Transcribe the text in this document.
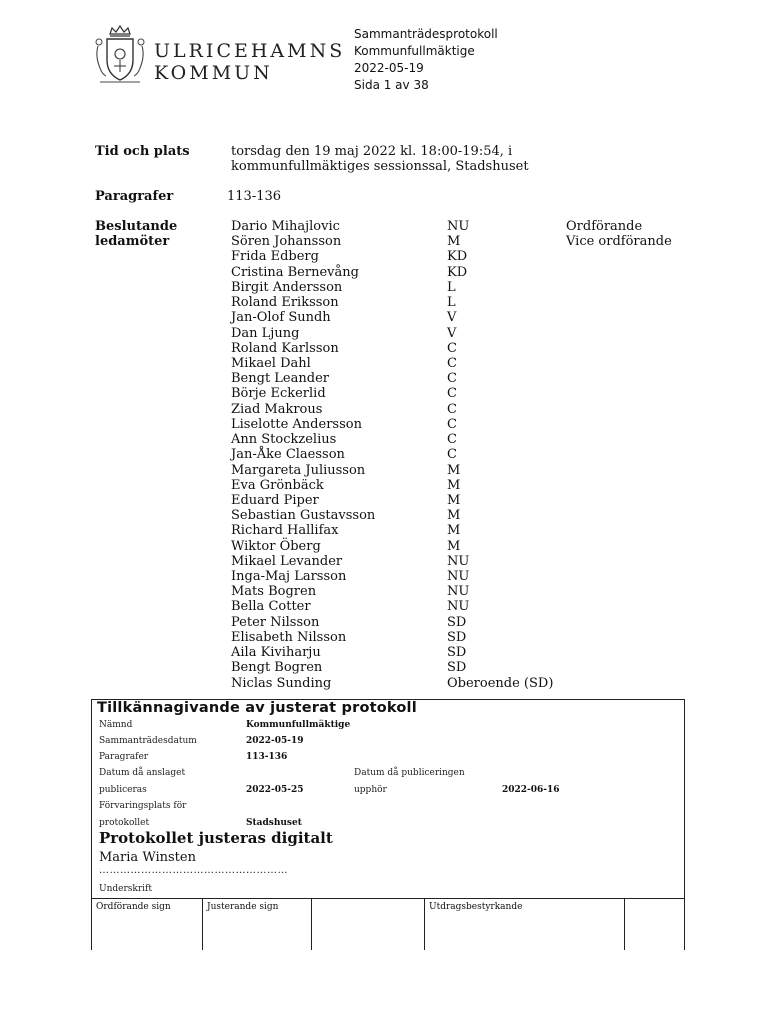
ULRICEHAMNS
KOMMUN
Sammanträdesprotokoll
Kommunfullmäktige
2022-05-19
Sida 1 av 38
Tid och plats	torsdag den 19 maj 2022 kl. 18:00-19:54, i kommunfullmäktiges sessionssal, Stadshuset
Paragrafer	113-136
Beslutande
ledamöter
Dario Mihajlovic	NU	Ordförande
Sören Johansson	M	Vice ordförande
Frida Edberg	KD
Cristina Bernevång	KD
Birgit Andersson	L
Roland Eriksson	L
Jan-Olof Sundh	V
Dan Ljung	V
Roland Karlsson	C
Mikael Dahl	C
Bengt Leander	C
Börje Eckerlid	C
Ziad Makrous	C
Liselotte Andersson	C
Ann Stockzelius	C
Jan-Åke Claesson	C
Margareta Juliusson	M
Eva Grönbäck	M
Eduard Piper	M
Sebastian Gustavsson	M
Richard Hallifax	M
Wiktor Öberg	M
Mikael Levander	NU
Inga-Maj Larsson	NU
Mats Bogren	NU
Bella Cotter	NU
Peter Nilsson	SD
Elisabeth Nilsson	SD
Aila Kiviharju	SD
Bengt Bogren	SD
Niclas Sunding	Oberoende (SD)
Tillkännagivande av justerat protokoll
Nämnd	Kommunfullmäktige
Sammanträdesdatum	2022-05-19
Paragrafer	113-136
Datum då anslaget	Datum då publiceringen
publiceras	2022-05-25	upphör	2022-06-16
Förvaringsplats för
protokollet	Stadshuset
Protokollet justeras digitalt
Maria Winsten
………………………………………………
Underskrift
Ordförande sign	Justerande sign	Utdragsbestyrkande
